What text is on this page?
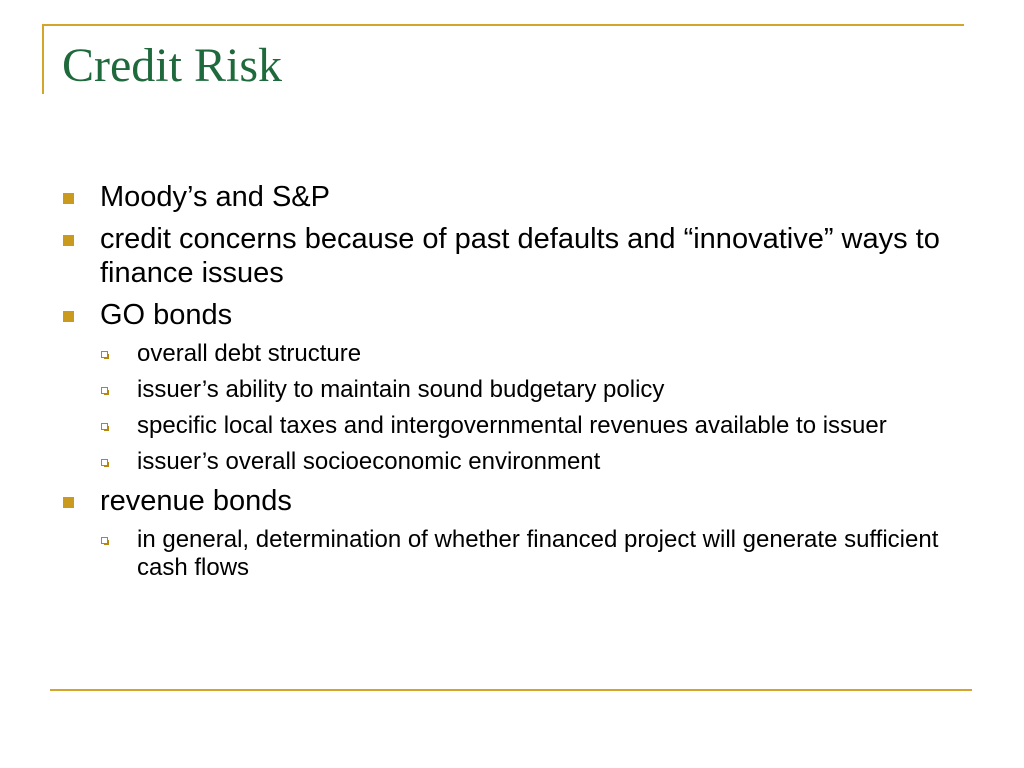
Credit Risk
Moody’s and S&P
credit concerns because of past defaults and “innovative” ways to finance issues
GO bonds
overall debt structure
issuer’s ability to maintain sound budgetary policy
specific local taxes and intergovernmental revenues available to issuer
issuer’s overall socioeconomic environment
revenue bonds
in general, determination of whether financed project will generate sufficient cash flows
